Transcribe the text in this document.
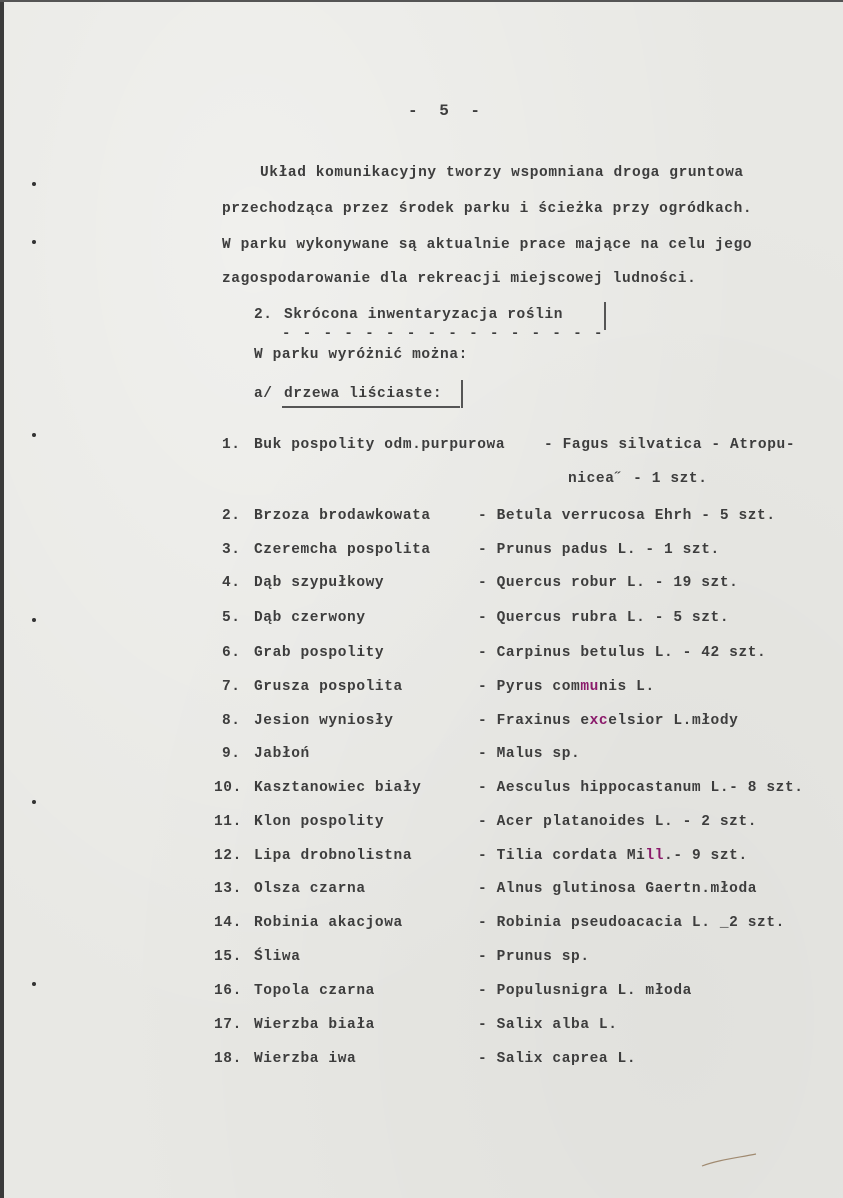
- 5 -
Układ komunikacyjny tworzy wspomniana droga gruntowa
przechodząca przez środek parku i ścieżka przy ogródkach.
W parku wykonywane są aktualnie prace mające na celu jego
zagospodarowanie dla rekreacji miejscowej ludności.
2. Skrócona inwentaryzacja roślin
- - - - - - - - - - - - - - - -
W parku wyróżnić można:
a/ drzewa liściaste:
1. Buk pospolity odm.purpurowa	- Fagus silvatica - Atropu-
nicea˝ - 1 szt.
2. Brzoza brodawkowata	- Betula verrucosa Ehrh - 5 szt.
3. Czeremcha pospolita	- Prunus padus L. - 1 szt.
4. Dąb szypułkowy	- Quercus robur L. - 19 szt.
5. Dąb czerwony	- Quercus rubra L. - 5 szt.
6. Grab pospolity	- Carpinus betulus L. - 42 szt.
7. Grusza pospolita	- Pyrus communis L.
8. Jesion wyniosły	- Fraxinus excelsior L.młody
9. Jabłoń	- Malus sp.
10. Kasztanowiec biały	- Aesculus hippocastanum L.- 8 szt.
11. Klon pospolity	- Acer platanoides L. - 2 szt.
12. Lipa drobnolistna	- Tilia cordata Mill.- 9 szt.
13. Olsza czarna	- Alnus glutinosa Gaertn.młoda
14. Robinia akacjowa	- Robinia pseudoacacia L. _2 szt.
15. Śliwa	- Prunus sp.
16. Topola czarna	- Populusnigra L. młoda
17. Wierzba biała	- Salix alba L.
18. Wierzba iwa	- Salix caprea L.
